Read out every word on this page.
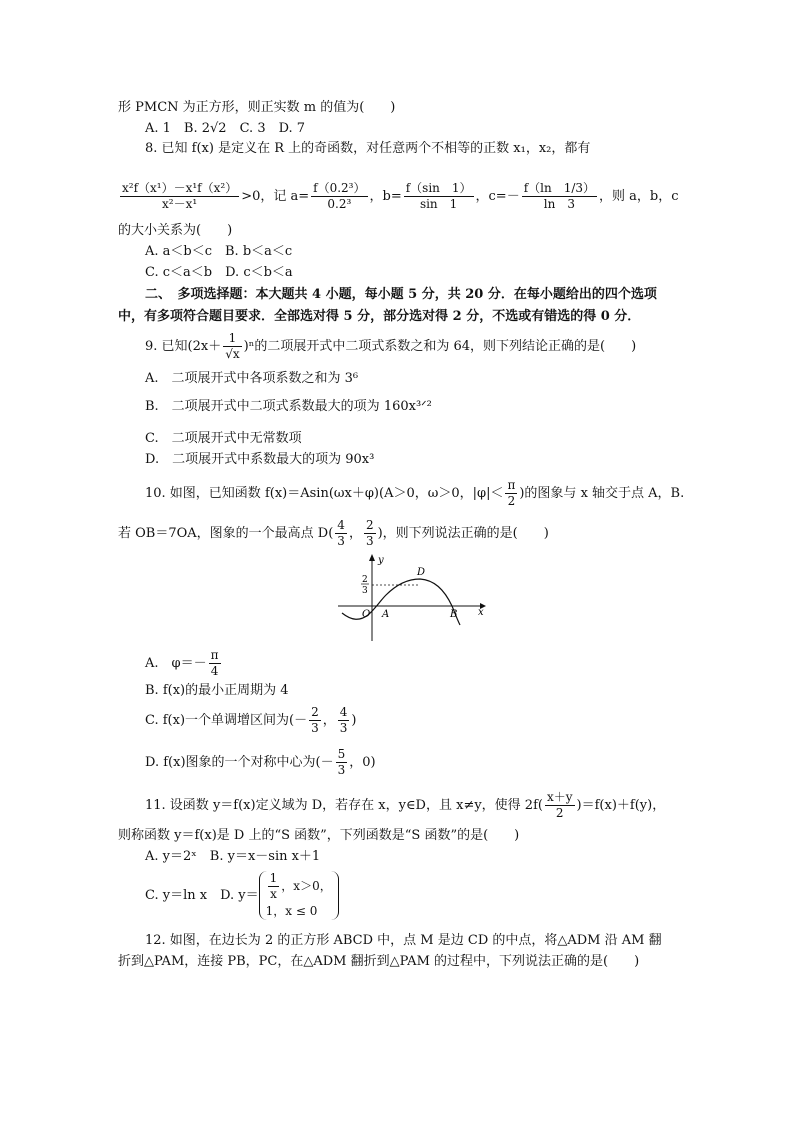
形 PMCN 为正方形，则正实数 m 的值为(　　)
A. 1　B. 2√2　C. 3　D. 7
8. 已知 f(x) 是定义在 R 上的奇函数，对任意两个不相等的正数 x₁，x₂，都有
$\frac{\text{x²f（x¹）－x¹f（x²）}}{\text{x²－x¹}} >0$，记 $a= \frac{\text{f（0.2³）}}{\text{0.2³}}$ ，$b= \frac{f(\sin 1)}{\sin 1}$ ，$c=- \frac{f(\ln 1/3)}{\ln 3}$ ，则 a，b，c
的大小关系为(　　)
A. a＜b＜c　B. b＜a＜c
C. c＜a＜b　D. c＜b＜a
二、　多项选择题：本大题共 4 小题，每小题 5 分，共 20 分．在每小题给出的四个选项
中，有多项符合题目要求．全部选对得 5 分，部分选对得 2 分，不选或有错选的得 0 分．
9. 已知$(2x+ \frac{1}{√x} )^n$的二项展开式中二项式系数之和为 64，则下列结论正确的是(　　)
A.　二项展开式中各项系数之和为 3⁶
B.　二项展开式中二项式系数最大的项为 160x³ᐟ²
C.　二项展开式中无常数项
D.　二项展开式中系数最大的项为 90x³
10. 如图，已知函数 f(x)＝Asin(ωx＋φ)(A＞0，ω＞0，$|\varphi|< \frac{\pi}{2}$ )的图象与 x 轴交于点 A，B.
若 OB＝7OA，图象的一个最高点 $D( \frac{4}{3}$ ， $\frac{2}{3}$ )，则下列说法正确的是(　　)
y
x
O A	B
D
2
3
A.　$\varphi=- \frac{\pi}{4}$
B. f(x)的最小正周期为 4
C. f(x)一个单调增区间为(－ $\frac{2}{3}$ ， $\frac{4}{3}$ )
D. f(x)图象的一个对称中心为(－ $\frac{5}{3}$ ，0)
11. 设函数 y＝f(x)定义域为 D，若存在 x，y∈D，且 x≠y，使得 $2f( \frac{x+y}{2} )=f(x)+f(y)$，
则称函数 y＝f(x)是 D 上的“S 函数”，下列函数是“S 函数”的是(　　)
A. y＝2ˣ　B. y＝x－sin x＋1
C. y＝ln x　D. $y= \frac{1}{x}$ ，x＞0，
1，x ≤ 0
12. 如图，在边长为 2 的正方形 ABCD 中，点 M 是边 CD 的中点，将△ADM 沿 AM 翻
折到△PAM，连接 PB，PC，在△ADM 翻折到△PAM 的过程中，下列说法正确的是(　　)
